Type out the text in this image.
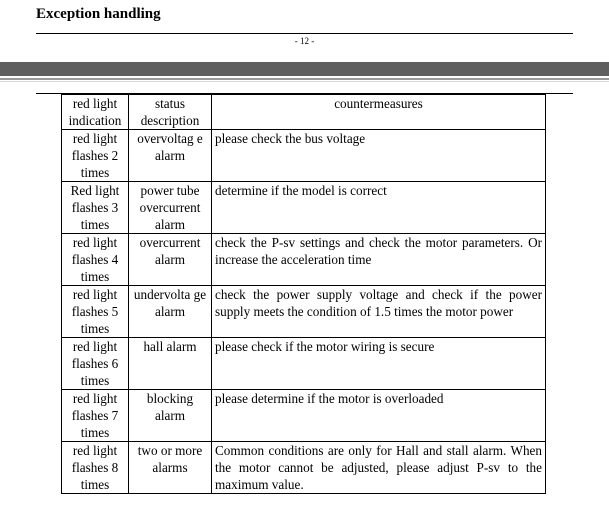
Exception handling
- 12 -
red light indication	status description	countermeasures
red light flashes 2 times	overvoltag e alarm	please check the bus voltage
Red light flashes 3 times	power tube overcurrent alarm	determine if the model is correct
red light flashes 4 times	overcurrent alarm	check the P-sv settings and check the motor parameters. Or increase the acceleration time
red light flashes 5 times	undervolta ge alarm	check the power supply voltage and check if the power supply meets the condition of 1.5 times the motor power
red light flashes 6 times	hall alarm	please check if the motor wiring is secure
red light flashes 7 times	blocking alarm	please determine if the motor is overloaded
red light flashes 8 times	two or more alarms	Common conditions are only for Hall and stall alarm. When the motor cannot be adjusted, please adjust P-sv to the maximum value.
